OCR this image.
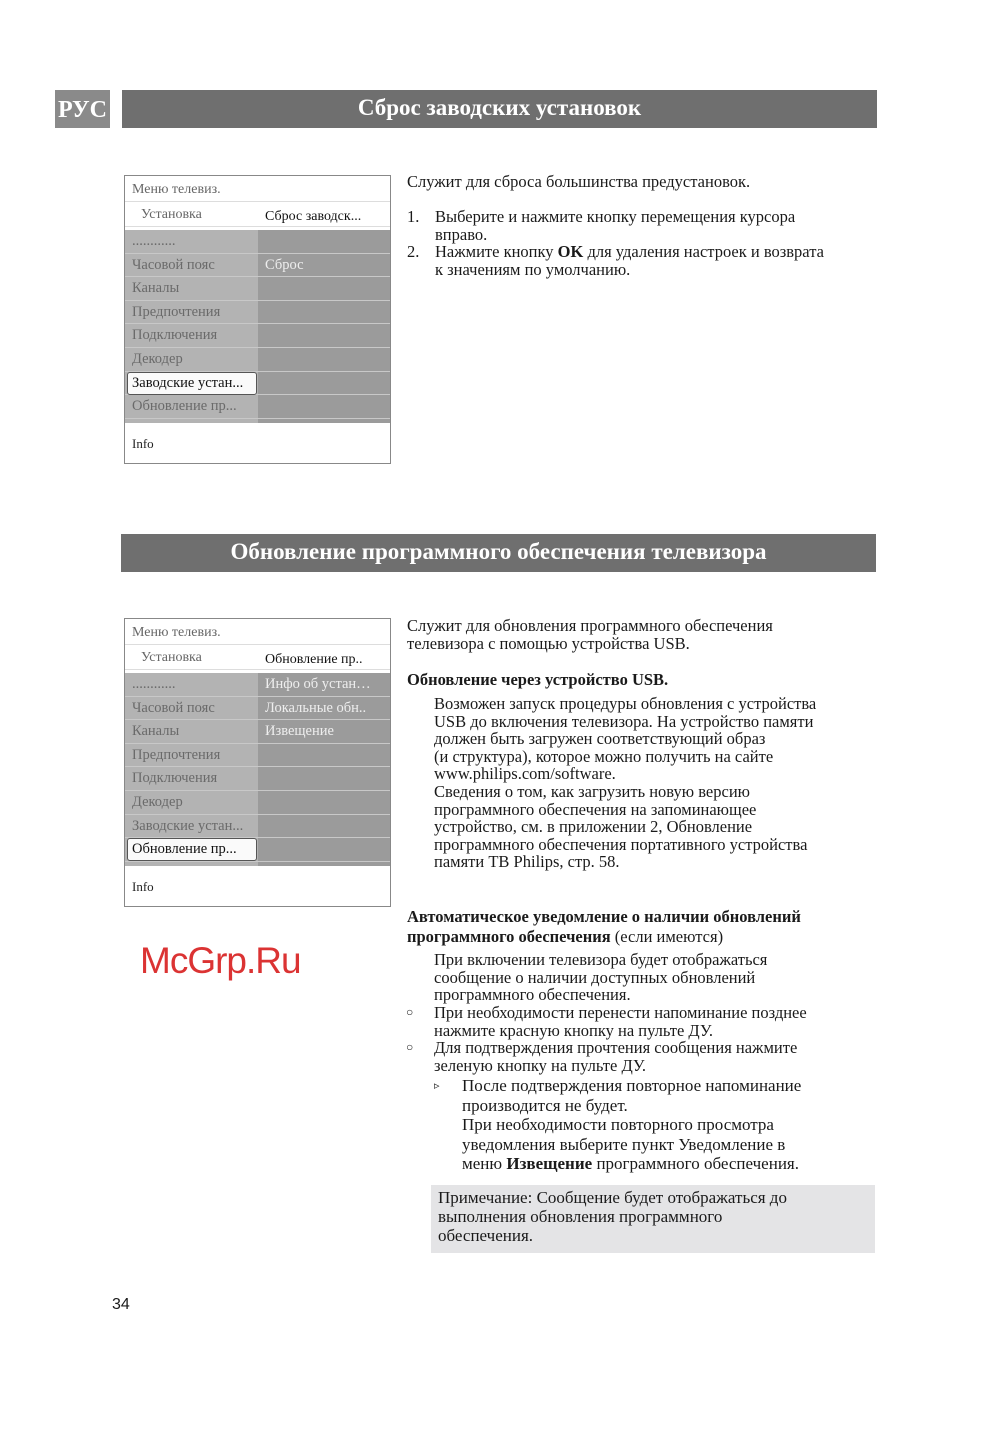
РУС	Сброс заводских установок
Меню телевиз.
Установка	Сброс заводск...
............
Часовой пояс	Сброс
Каналы
Предпочтения
Подключения
Декодер
Заводские устан...
Обновление пр...
Info
Служит для сброса большинства предустановок.
1. Выберите и нажмите кнопку перемещения курсора
вправо.
2. Нажмите кнопку OK для удаления настроек и возврата
к значениям по умолчанию.
Обновление программного обеспечения телевизора
Меню телевиз.
Установка	Обновление пр..
............	Инфо об устан…
Часовой пояс	Локальные обн..
Каналы	Извещение
Предпочтения
Подключения
Декодер
Заводские устан...
Обновление пр...
Info
Служит для обновления программного обеспечения
телевизора с помощью устройства USB.
Обновление через устройство USB.
Возможен запуск процедуры обновления с устройства
USB до включения телевизора. На устройство памяти
должен быть загружен соответствующий образ
(и структура), которое можно получить на сайте
www.philips.com/software.
Сведения о том, как загрузить новую версию
программного обеспечения на запоминающее
устройство, см. в приложении 2, Обновление
программного обеспечения портативного устройства
памяти ТВ Philips, стр. 58.
Автоматическое уведомление о наличии обновлений
программного обеспечения (если имеются)
При включении телевизора будет отображаться
сообщение о наличии доступных обновлений
программного обеспечения.
○ При необходимости перенести напоминание позднее
нажмите красную кнопку на пульте ДУ.
○ Для подтверждения прочтения сообщения нажмите
зеленую кнопку на пульте ДУ.
▹ После подтверждения повторное напоминание
производится не будет.
При необходимости повторного просмотра
уведомления выберите пункт Уведомление в
меню Извещение программного обеспечения.
Примечание: Сообщение будет отображаться до
выполнения обновления программного
обеспечения.
McGrp.Ru
34
